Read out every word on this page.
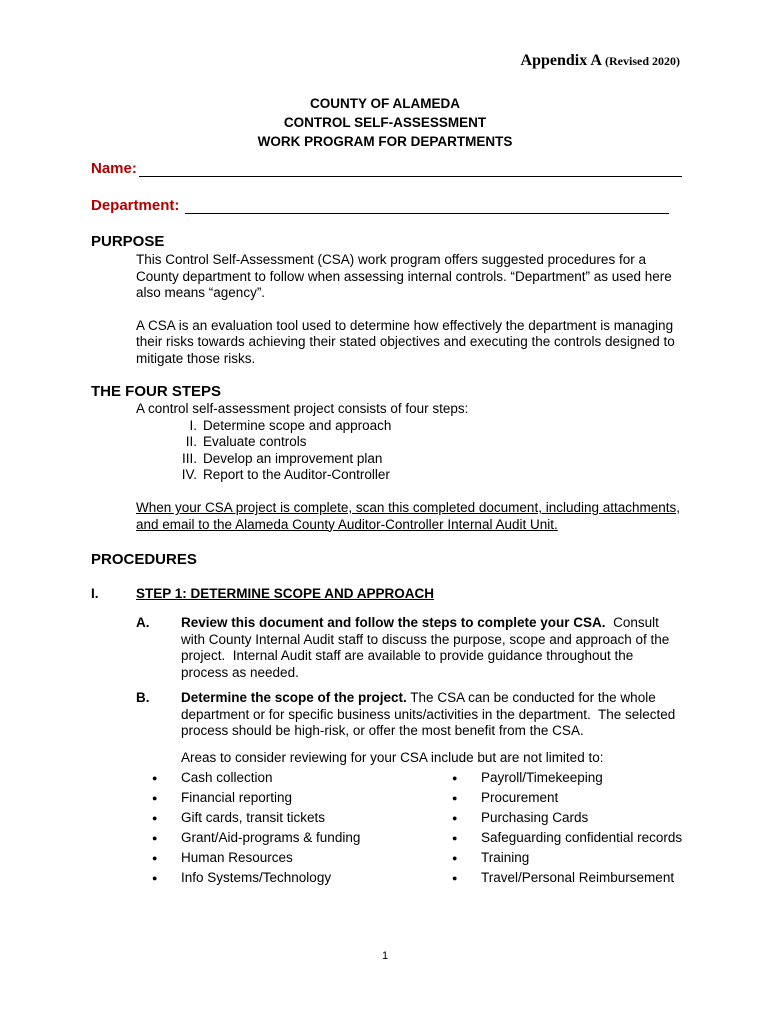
Appendix A (Revised 2020)
COUNTY OF ALAMEDA
CONTROL SELF-ASSESSMENT
WORK PROGRAM FOR DEPARTMENTS
Name:
Department:
PURPOSE

This Control Self-Assessment (CSA) work program offers suggested procedures for a County department to follow when assessing internal controls. “Department” as used here also means “agency”.

A CSA is an evaluation tool used to determine how effectively the department is managing their risks towards achieving their stated objectives and executing the controls designed to mitigate those risks.

THE FOUR STEPS
A control self-assessment project consists of four steps:
I. Determine scope and approach
II. Evaluate controls
III. Develop an improvement plan
IV. Report to the Auditor-Controller
When your CSA project is complete, scan this completed document, including attachments, and email to the Alameda County Auditor-Controller Internal Audit Unit.
PROCEDURES
I.	STEP 1: DETERMINE SCOPE AND APPROACH
A.	Review this document and follow the steps to complete your CSA.  Consult with County Internal Audit staff to discuss the purpose, scope and approach of the project.  Internal Audit staff are available to provide guidance throughout the process as needed.
B.	Determine the scope of the project. The CSA can be conducted for the whole department or for specific business units/activities in the department.  The selected process should be high-risk, or offer the most benefit from the CSA.
Areas to consider reviewing for your CSA include but are not limited to:
●	Cash collection
●	Financial reporting
●	Gift cards, transit tickets
●	Grant/Aid-programs & funding
●	Human Resources
●	Info Systems/Technology
●	Payroll/Timekeeping
●	Procurement
●	Purchasing Cards
●	Safeguarding confidential records
●	Training
●	Travel/Personal Reimbursement
1
